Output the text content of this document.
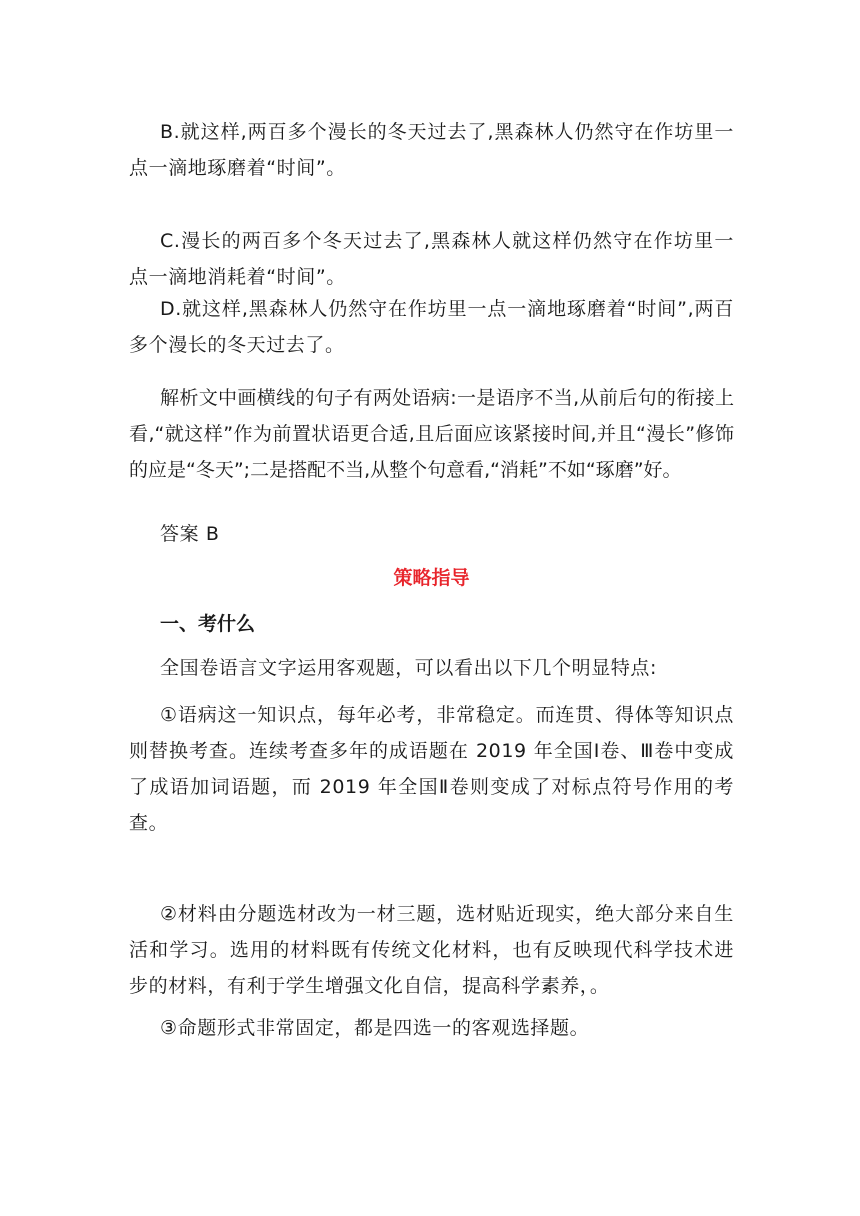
B.就这样,两百多个漫长的冬天过去了,黑森林人仍然守在作坊里一点一滴地琢磨着“时间”。

C.漫长的两百多个冬天过去了,黑森林人就这样仍然守在作坊里一点一滴地消耗着“时间”。

D.就这样,黑森林人仍然守在作坊里一点一滴地琢磨着“时间”,两百多个漫长的冬天过去了。

解析文中画横线的句子有两处语病:一是语序不当,从前后句的衔接上看,“就这样”作为前置状语更合适,且后面应该紧接时间,并且“漫长”修饰的应是“冬天”;二是搭配不当,从整个句意看,“消耗”不如“琢磨”好。

答案 B

策略指导

一、考什么

全国卷语言文字运用客观题，可以看出以下几个明显特点:

①语病这一知识点，每年必考，非常稳定。而连贯、得体等知识点则替换考查。连续考查多年的成语题在 2019 年全国Ⅰ卷、Ⅲ卷中变成了成语加词语题，而 2019 年全国Ⅱ卷则变成了对标点符号作用的考查。

②材料由分题选材改为一材三题，选材贴近现实，绝大部分来自生活和学习。选用的材料既有传统文化材料，也有反映现代科学技术进步的材料，有利于学生增强文化自信，提高科学素养，。

③命题形式非常固定，都是四选一的客观选择题。
